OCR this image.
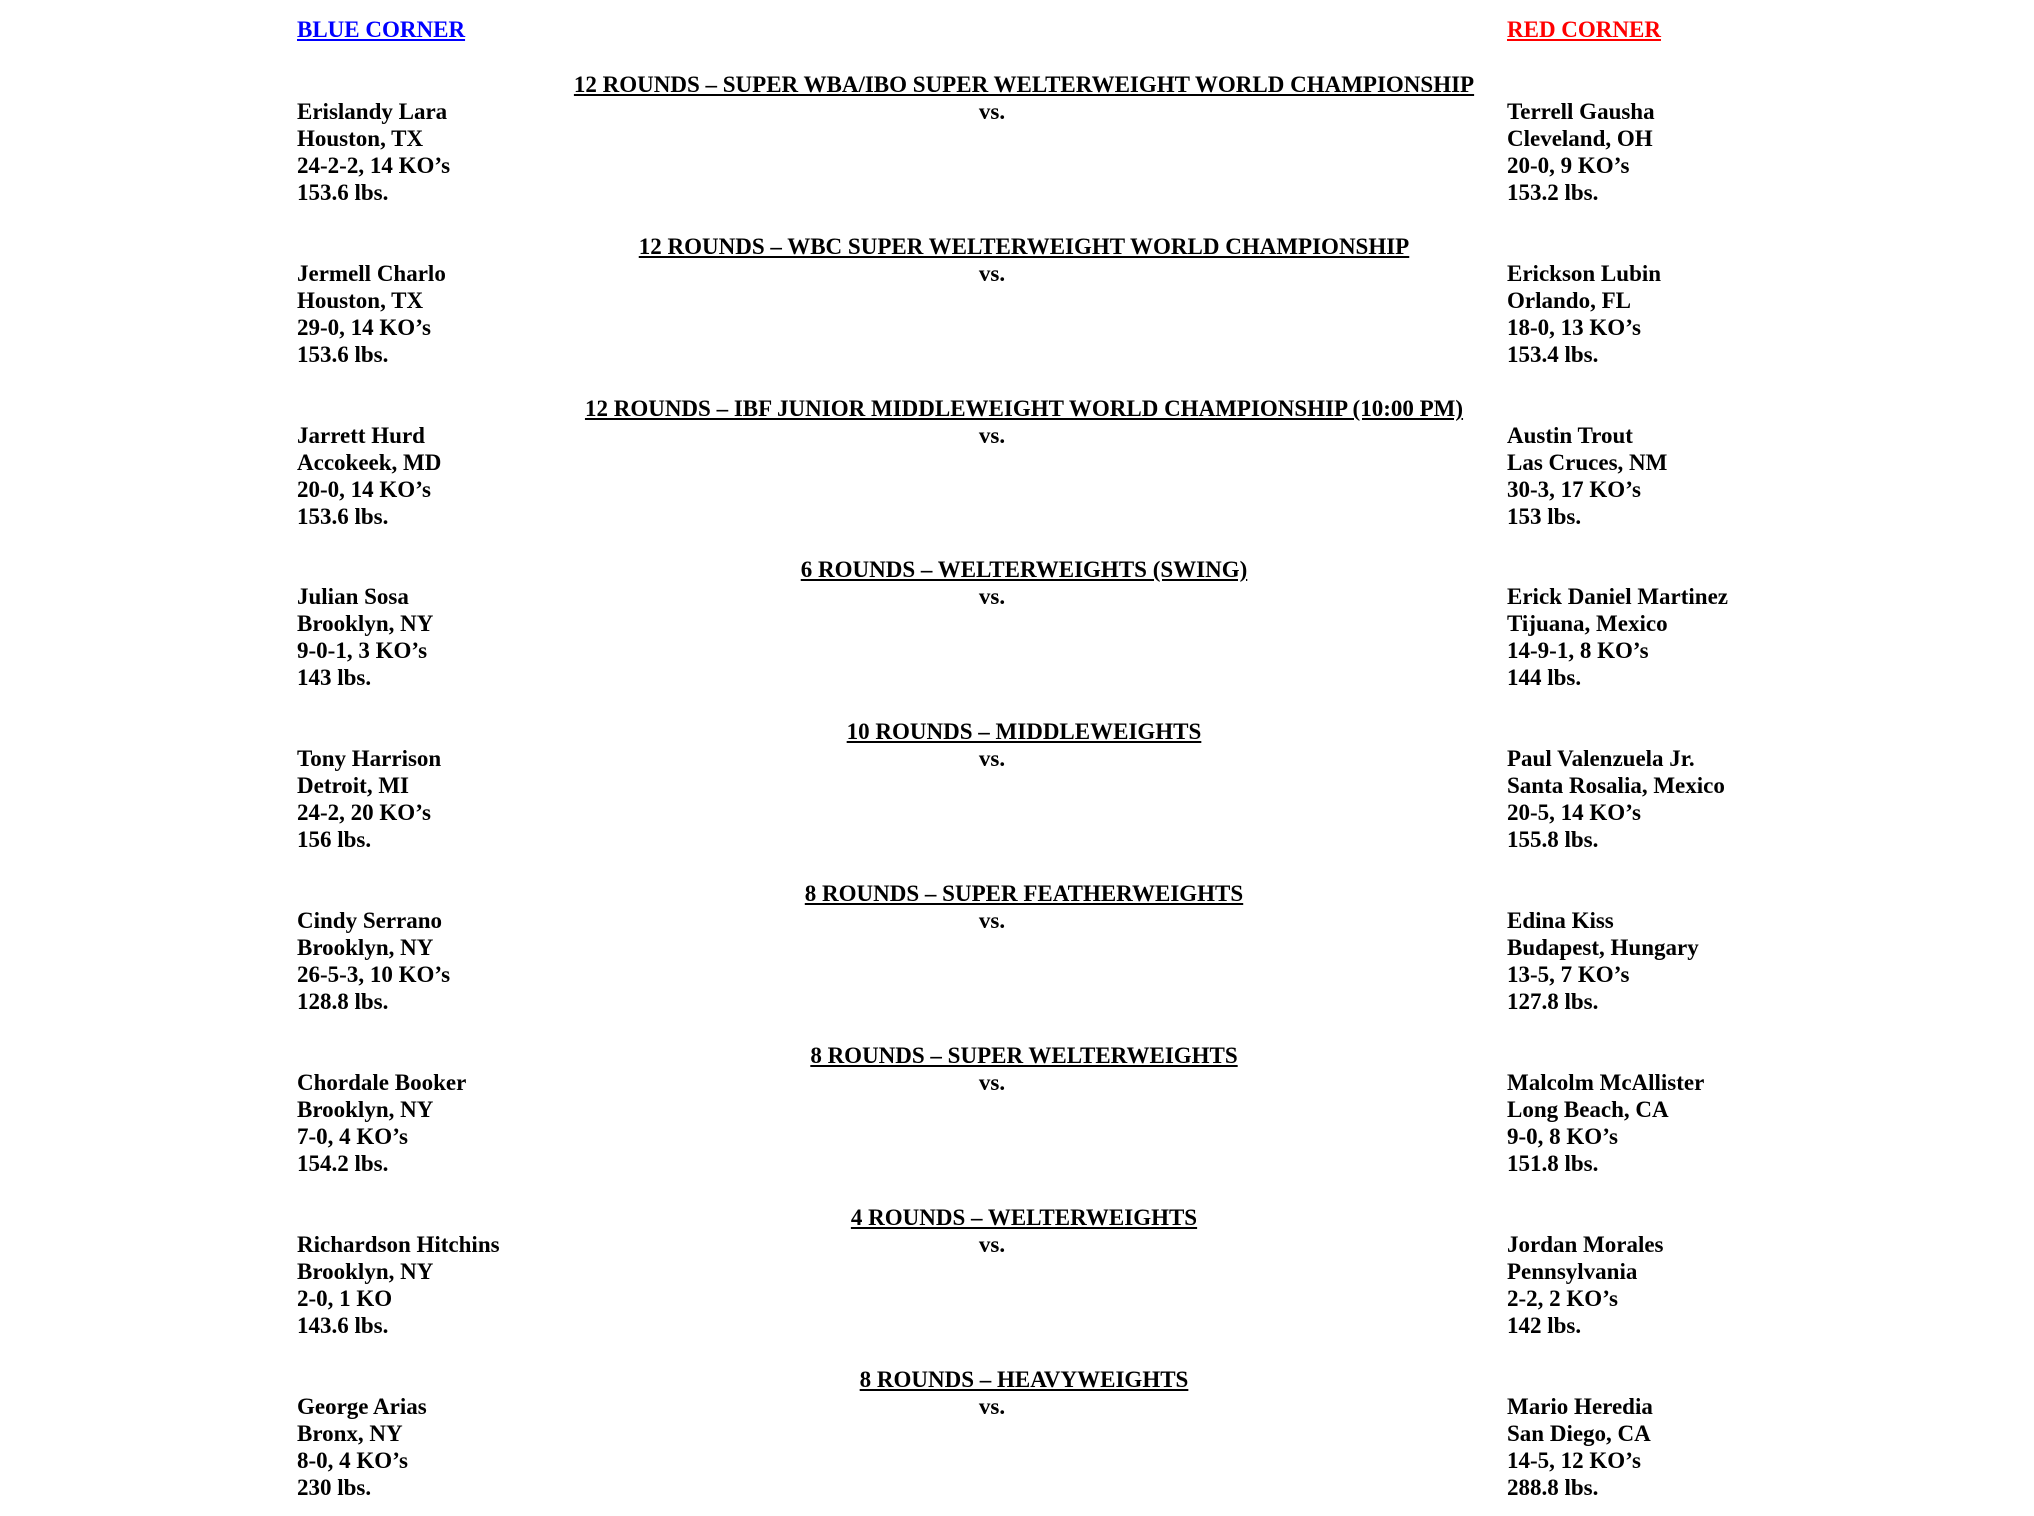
BLUE CORNER	RED CORNER
12 ROUNDS – SUPER WBA/IBO SUPER WELTERWEIGHT WORLD CHAMPIONSHIP
vs.
Erislandy Lara
Houston, TX
24-2-2, 14 KO’s
153.6 lbs.
Terrell Gausha
Cleveland, OH
20-0, 9 KO’s
153.2 lbs.
12 ROUNDS – WBC SUPER WELTERWEIGHT WORLD CHAMPIONSHIP
vs.
Jermell Charlo
Houston, TX
29-0, 14 KO’s
153.6 lbs.
Erickson Lubin
Orlando, FL
18-0, 13 KO’s
153.4 lbs.
12 ROUNDS – IBF JUNIOR MIDDLEWEIGHT WORLD CHAMPIONSHIP (10:00 PM)
vs.
Jarrett Hurd
Accokeek, MD
20-0, 14 KO’s
153.6 lbs.
Austin Trout
Las Cruces, NM
30-3, 17 KO’s
153 lbs.
6 ROUNDS – WELTERWEIGHTS (SWING)
vs.
Julian Sosa
Brooklyn, NY
9-0-1, 3 KO’s
143 lbs.
Erick Daniel Martinez
Tijuana, Mexico
14-9-1, 8 KO’s
144 lbs.
10 ROUNDS – MIDDLEWEIGHTS
vs.
Tony Harrison
Detroit, MI
24-2, 20 KO’s
156 lbs.
Paul Valenzuela Jr.
Santa Rosalia, Mexico
20-5, 14 KO’s
155.8 lbs.
8 ROUNDS – SUPER FEATHERWEIGHTS
vs.
Cindy Serrano
Brooklyn, NY
26-5-3, 10 KO’s
128.8 lbs.
Edina Kiss
Budapest, Hungary
13-5, 7 KO’s
127.8 lbs.
8 ROUNDS – SUPER WELTERWEIGHTS
vs.
Chordale Booker
Brooklyn, NY
7-0, 4 KO’s
154.2 lbs.
Malcolm McAllister
Long Beach, CA
9-0, 8 KO’s
151.8 lbs.
4 ROUNDS – WELTERWEIGHTS
vs.
Richardson Hitchins
Brooklyn, NY
2-0, 1 KO
143.6 lbs.
Jordan Morales
Pennsylvania
2-2, 2 KO’s
142 lbs.
8 ROUNDS – HEAVYWEIGHTS
vs.
George Arias
Bronx, NY
8-0, 4 KO’s
230 lbs.
Mario Heredia
San Diego, CA
14-5, 12 KO’s
288.8 lbs.
